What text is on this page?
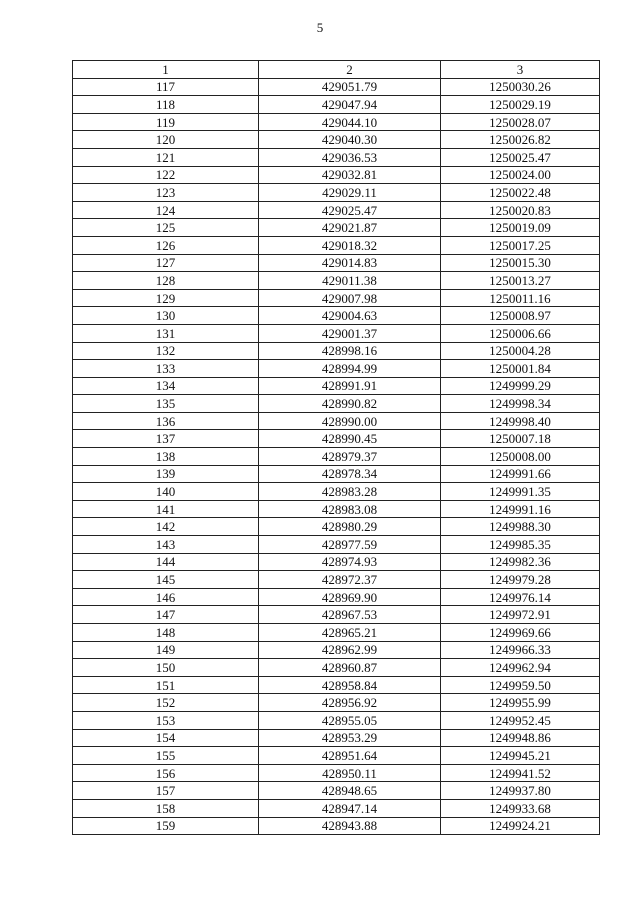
5
1	2	3
117	429051.79	1250030.26
118	429047.94	1250029.19
119	429044.10	1250028.07
120	429040.30	1250026.82
121	429036.53	1250025.47
122	429032.81	1250024.00
123	429029.11	1250022.48
124	429025.47	1250020.83
125	429021.87	1250019.09
126	429018.32	1250017.25
127	429014.83	1250015.30
128	429011.38	1250013.27
129	429007.98	1250011.16
130	429004.63	1250008.97
131	429001.37	1250006.66
132	428998.16	1250004.28
133	428994.99	1250001.84
134	428991.91	1249999.29
135	428990.82	1249998.34
136	428990.00	1249998.40
137	428990.45	1250007.18
138	428979.37	1250008.00
139	428978.34	1249991.66
140	428983.28	1249991.35
141	428983.08	1249991.16
142	428980.29	1249988.30
143	428977.59	1249985.35
144	428974.93	1249982.36
145	428972.37	1249979.28
146	428969.90	1249976.14
147	428967.53	1249972.91
148	428965.21	1249969.66
149	428962.99	1249966.33
150	428960.87	1249962.94
151	428958.84	1249959.50
152	428956.92	1249955.99
153	428955.05	1249952.45
154	428953.29	1249948.86
155	428951.64	1249945.21
156	428950.11	1249941.52
157	428948.65	1249937.80
158	428947.14	1249933.68
159	428943.88	1249924.21
